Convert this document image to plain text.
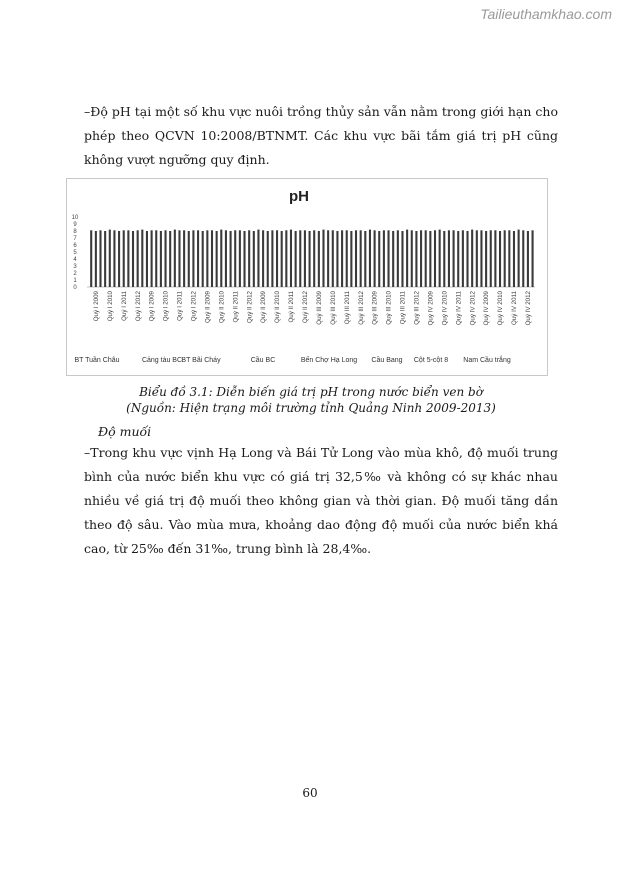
Tailieuthamkhao.com

–Độ pH tại một số khu vực nuôi trồng thủy sản vẫn nằm trong giới hạn cho phép theo QCVN 10:2008/BTNMT. Các khu vực bãi tắm giá trị pH cũng không vượt ngưỡng quy định.

pH
10
9
8
7
6
5
4
3
2
1
0
Quý I 2009 Quý I 2010 Quý I 2011 Quý I 2012 Quý I 2009 Quý I 2010 Quý I 2011 Quý I 2012 Quý II 2009 Quý II 2010 Quý II 2011 Quý II 2012 Quý II 2009 Quý II 2010 Quý II 2011 Quý II 2012 Quý III 2009 Quý III 2010 Quý III 2011 Quý III 2012 Quý III 2009 Quý III 2010 Quý III 2011 Quý III 2012 Quý IV 2009 Quý IV 2010 Quý IV 2011 Quý IV 2012 Quý IV 2009 Quý IV 2010 Quý IV 2011 Quý IV 2012
BT Tuần Châu	Cảng tàu BC BT Bãi Cháy	Cầu BC	Bến Chợ Hạ Long Cầu Bang Cột 5-cột 8 Nam Cầu trắng

Biểu đồ 3.1: Diễn biến giá trị pH trong nước biển ven bờ

(Nguồn: Hiện trạng môi trường tỉnh Quảng Ninh 2009-2013)

Độ muối

–Trong khu vực vịnh Hạ Long và Bái Tử Long vào mùa khô, độ muối trung bình của nước biển khu vực có giá trị 32,5‰ và không có sự khác nhau nhiều về giá trị độ muối theo không gian và thời gian. Độ muối tăng dần theo độ sâu. Vào mùa mưa, khoảng dao động độ muối của nước biển khá cao, từ 25‰ đến 31‰, trung bình là 28,4‰.

60
